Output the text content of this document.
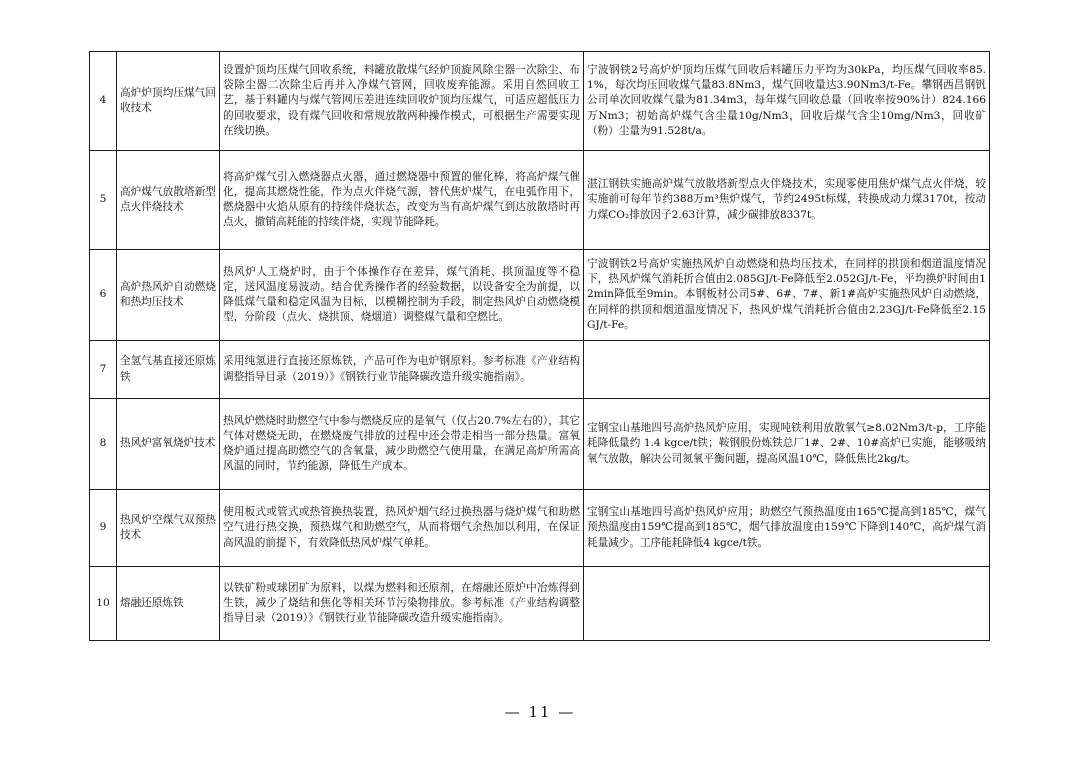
4	高炉炉顶均压煤气回收技术	设置炉顶均压煤气回收系统，料罐放散煤气经炉顶旋风除尘器一次除尘、布袋除尘器二次除尘后再并入净煤气管网，回收废弃能源。采用自然回收工艺，基于料罐内与煤气管网压差进连续回收炉顶均压煤气，可适应超低压力的回收要求，设有煤气回收和常规放散两种操作模式，可根据生产需要实现在线切换。	宁波钢铁2号高炉炉顶均压煤气回收后料罐压力平均为30kPa，均压煤气回收率85.1%，每次均压回收煤气量83.8Nm3，煤气回收量达3.90Nm3/t-Fe。攀钢西昌钢钒公司单次回收煤气量为81.34m3，每年煤气回收总量（回收率按90%计）824.166万Nm3；初始高炉煤气含尘量10g/Nm3，回收后煤气含尘10mg/Nm3，回收矿（粉）尘量为91.528t/a。
5	高炉煤气放散塔新型点火伴烧技术	将高炉煤气引入燃烧器点火器，通过燃烧器中预置的催化棒，将高炉煤气催化，提高其燃烧性能，作为点火伴烧气源，替代焦炉煤气，在电弧作用下，燃烧器中火焰从原有的持续伴烧状态，改变为当有高炉煤气到达放散塔时再点火，撤销高耗能的持续伴烧，实现节能降耗。	湛江钢铁实施高炉煤气放散塔新型点火伴烧技术，实现零使用焦炉煤气点火伴烧，较实施前可每年节约388万m³焦炉煤气，节约2495t标煤，转换成动力煤3170t，按动力煤CO₂排放因子2.63计算，减少碳排放8337t。
6	高炉热风炉自动燃烧和热均压技术	热风炉人工烧炉时，由于个体操作存在差异，煤气消耗、拱顶温度等不稳定，送风温度易波动。结合优秀操作者的经验数据，以设备安全为前提，以降低煤气量和稳定风温为目标，以模糊控制为手段，制定热风炉自动燃烧模型，分阶段（点火、烧拱顶、烧烟道）调整煤气量和空燃比。	宁波钢铁2号高炉实施热风炉自动燃烧和热均压技术，在同样的拱顶和烟道温度情况下，热风炉煤气消耗折合值由2.085GJ/t-Fe降低至2.052GJ/t-Fe，平均换炉时间由12min降低至9min。本钢板材公司5#、6#、7#、新1#高炉实施热风炉自动燃烧，在同样的拱顶和烟道温度情况下，热风炉煤气消耗折合值由2.23GJ/t-Fe降低至2.15GJ/t-Fe。
7	全氢气基直接还原炼铁	采用纯氢进行直接还原炼铁，产品可作为电炉钢原料。参考标准《产业结构调整指导目录（2019）》《钢铁行业节能降碳改造升级实施指南》。	
8	热风炉富氧烧炉技术	热风炉燃烧时助燃空气中参与燃烧反应的是氧气（仅占20.7%左右的），其它气体对燃烧无助，在燃烧废气排放的过程中还会带走相当一部分热量。富氧烧炉通过提高助燃空气的含氧量，减少助燃空气使用量，在满足高炉所需高风温的同时，节约能源，降低生产成本。	宝钢宝山基地四号高炉热风炉应用，实现吨铁利用放散氧气≥8.02Nm3/t-p，工序能耗降低量约 1.4 kgce/t铁；鞍钢股份炼铁总厂1#、2#、10#高炉已实施，能够吸纳氧气放散，解决公司氮氧平衡问题，提高风温10℃，降低焦比2kg/t。
9	热风炉空煤气双预热技术	使用板式或管式或热管换热装置，热风炉烟气经过换热器与烧炉煤气和助燃空气进行热交换，预热煤气和助燃空气，从而将烟气余热加以利用，在保证高风温的前提下，有效降低热风炉煤气单耗。	宝钢宝山基地四号高炉热风炉应用；助燃空气预热温度由165℃提高到185℃，煤气预热温度由159℃提高到185℃，烟气排放温度由159℃下降到140℃，高炉煤气消耗量减少。工序能耗降低4 kgce/t铁。
10	熔融还原炼铁	以铁矿粉或球团矿为原料，以煤为燃料和还原剂，在熔融还原炉中冶炼得到生铁，减少了烧结和焦化等相关环节污染物排放。参考标准《产业结构调整指导目录（2019）》《钢铁行业节能降碳改造升级实施指南》。	
— 11 —
